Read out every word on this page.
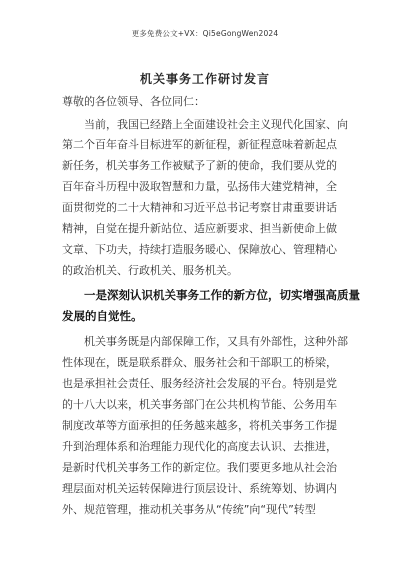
更多免费公文+VX：Qi5eGongWen2024
机关事务工作研讨发言
尊敬的各位领导、各位同仁：
当前，我国已经踏上全面建设社会主义现代化国家、向
第二个百年奋斗目标进军的新征程，新征程意味着新起点
新任务，机关事务工作被赋予了新的使命，我们要从党的
百年奋斗历程中汲取智慧和力量，弘扬伟大建党精神，全
面贯彻党的二十大精神和习近平总书记考察甘肃重要讲话
精神，自觉在提升新站位、适应新要求、担当新使命上做
文章、下功夫，持续打造服务暖心、保障放心、管理精心
的政治机关、行政机关、服务机关。
一是深刻认识机关事务工作的新方位，切实增强高质量
发展的自觉性。
机关事务既是内部保障工作，又具有外部性，这种外部
性体现在，既是联系群众、服务社会和干部职工的桥梁，
也是承担社会责任、服务经济社会发展的平台。特别是党
的十八大以来，机关事务部门在公共机构节能、公务用车
制度改革等方面承担的任务越来越多，将机关事务工作提
升到治理体系和治理能力现代化的高度去认识、去推进，
是新时代机关事务工作的新定位。我们要更多地从社会治
理层面对机关运转保障进行顶层设计、系统筹划、协调内
外、规范管理，推动机关事务从“传统”向“现代”转型
